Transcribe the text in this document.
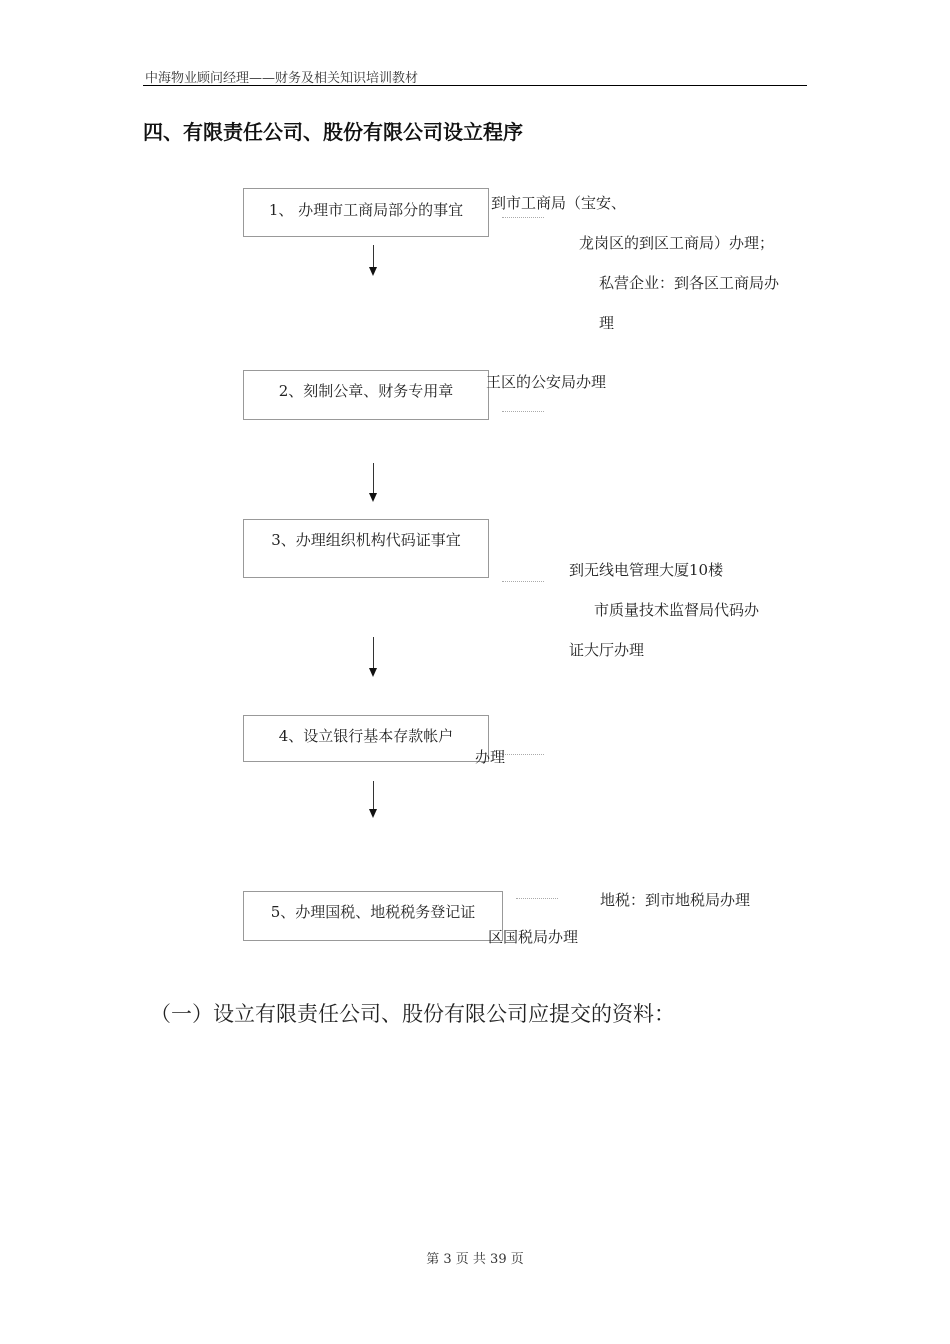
中海物业顾问经理——财务及相关知识培训教材
四、有限责任公司、股份有限公司设立程序
1、 办理市工商局部分的事宜	到市工商局（宝安、
龙岗区的到区工商局）办理；
私营企业：到各区工商局办
理
2、刻制公章、财务专用章	王区的公安局办理
3、办理组织机构代码证事宜
到无线电管理大厦10楼
市质量技术监督局代码办
证大厅办理
4、设立银行基本存款帐户
办理
5、办理国税、地税税务登记证
地税：到市地税局办理
区国税局办理
（一）设立有限责任公司、股份有限公司应提交的资料：
第 3 页 共 39 页
